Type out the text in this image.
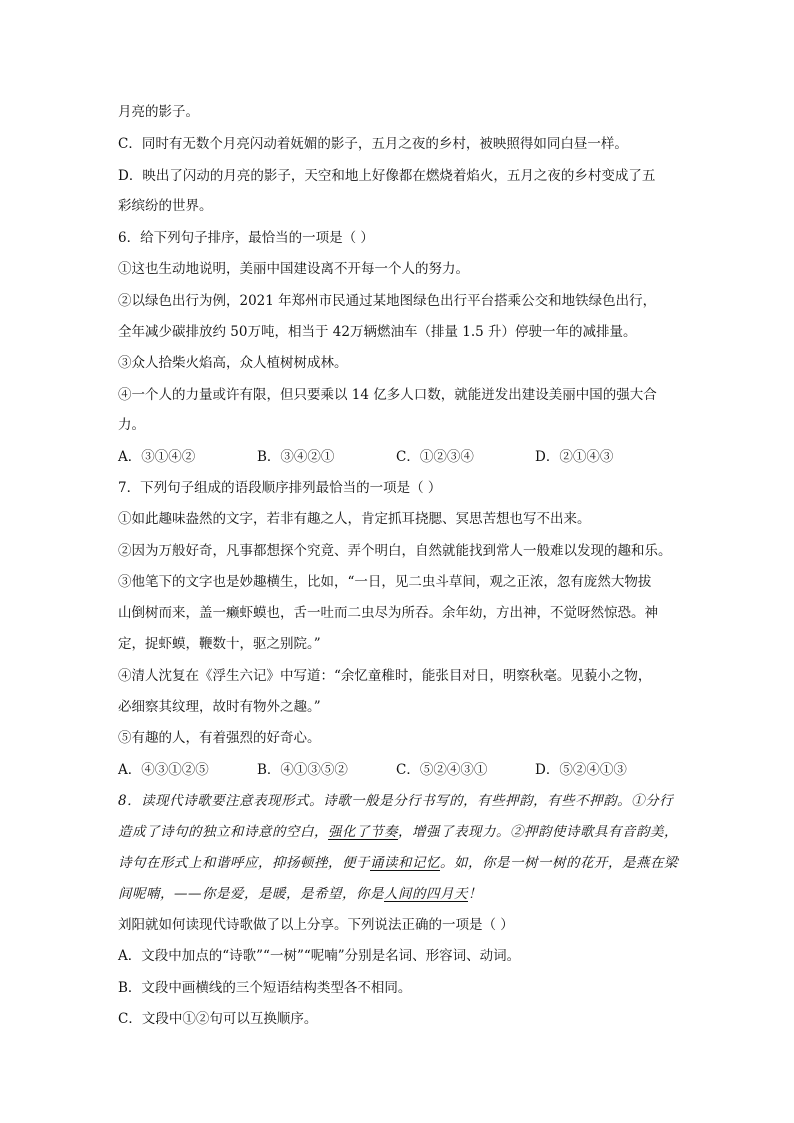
月亮的影子。
C．同时有无数个月亮闪动着妩媚的影子，五月之夜的乡村，被映照得如同白昼一样。
D．映出了闪动的月亮的影子，天空和地上好像都在燃烧着焰火，五月之夜的乡村变成了五
彩缤纷的世界。
6．给下列句子排序，最恰当的一项是（ ）
①这也生动地说明，美丽中国建设离不开每一个人的努力。
②以绿色出行为例，2021 年郑州市民通过某地图绿色出行平台搭乘公交和地铁绿色出行，
全年减少碳排放约 50万吨，相当于 42万辆燃油车（排量 1.5 升）停驶一年的减排量。
③众人拾柴火焰高，众人植树树成林。
④一个人的力量或许有限，但只要乘以 14 亿多人口数，就能迸发出建设美丽中国的强大合
力。
A．③①④②	B．③④②①	C．①②③④	D．②①④③
7．下列句子组成的语段顺序排列最恰当的一项是（ ）
①如此趣味盎然的文字，若非有趣之人，肯定抓耳挠腮、冥思苦想也写不出来。
②因为万般好奇，凡事都想探个究竟、弄个明白，自然就能找到常人一般难以发现的趣和乐。
③他笔下的文字也是妙趣横生，比如，“一日，见二虫斗草间，观之正浓，忽有庞然大物拔
山倒树而来，盖一癞虾蟆也，舌一吐而二虫尽为所吞。余年幼，方出神，不觉呀然惊恐。神
定，捉虾蟆，鞭数十，驱之别院。”
④清人沈复在《浮生六记》中写道：“余忆童稚时，能张目对日，明察秋毫。见藐小之物，
必细察其纹理，故时有物外之趣。”
⑤有趣的人，有着强烈的好奇心。
A．④③①②⑤	B．④①③⑤②	C．⑤②④③①	D．⑤②④①③
8．读现代诗歌要注意表现形式。诗歌一般是分行书写的，有些押韵，有些不押韵。①分行
造成了诗句的独立和诗意的空白，强化了节奏，增强了表现力。②押韵使诗歌具有音韵美，
诗句在形式上和谐呼应，抑扬顿挫，便于诵读和记忆。如，你是一树一树的花开，是燕在梁
间呢喃，——你是爱，是暖，是希望，你是人间的四月天！
刘阳就如何读现代诗歌做了以上分享。下列说法正确的一项是（ ）
A．文段中加点的“诗歌”“一树”“呢喃”分别是名词、形容词、动词。
B．文段中画横线的三个短语结构类型各不相同。
C．文段中①②句可以互换顺序。
